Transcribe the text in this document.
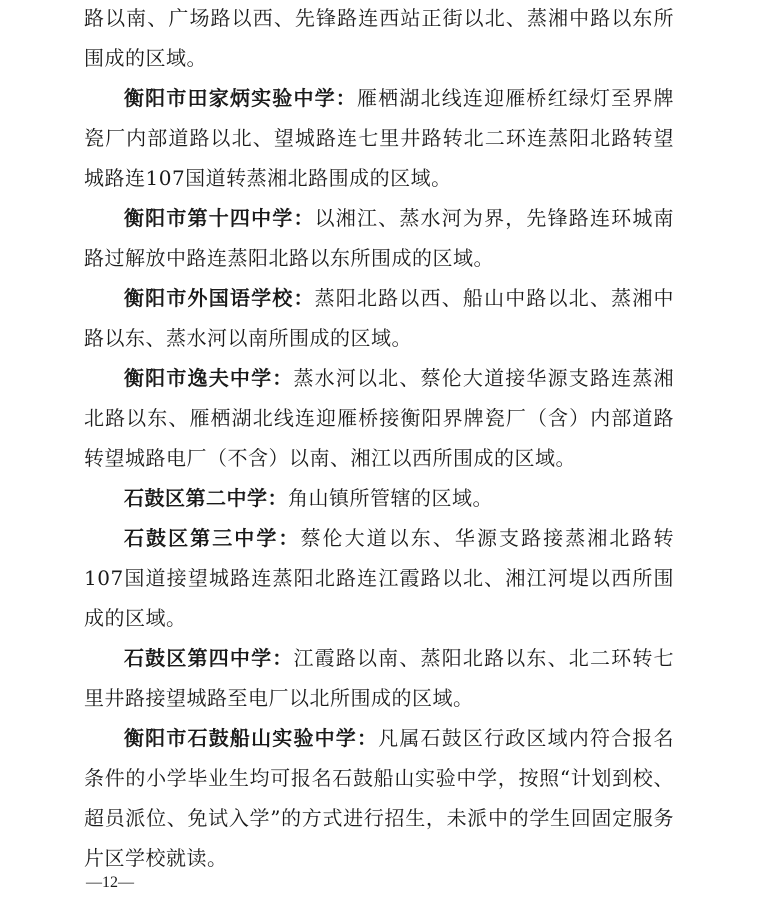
路以南、广场路以西、先锋路连西站正街以北、蒸湘中路以东所围成的区域。

衡阳市田家炳实验中学：雁栖湖北线连迎雁桥红绿灯至界牌瓷厂内部道路以北、望城路连七里井路转北二环连蒸阳北路转望城路连107国道转蒸湘北路围成的区域。

衡阳市第十四中学：以湘江、蒸水河为界，先锋路连环城南路过解放中路连蒸阳北路以东所围成的区域。

衡阳市外国语学校：蒸阳北路以西、船山中路以北、蒸湘中路以东、蒸水河以南所围成的区域。

衡阳市逸夫中学：蒸水河以北、蔡伦大道接华源支路连蒸湘北路以东、雁栖湖北线连迎雁桥接衡阳界牌瓷厂（含）内部道路转望城路电厂（不含）以南、湘江以西所围成的区域。

石鼓区第二中学：角山镇所管辖的区域。

石鼓区第三中学：蔡伦大道以东、华源支路接蒸湘北路转107国道接望城路连蒸阳北路连江霞路以北、湘江河堤以西所围成的区域。

石鼓区第四中学：江霞路以南、蒸阳北路以东、北二环转七里井路接望城路至电厂以北所围成的区域。

衡阳市石鼓船山实验中学：凡属石鼓区行政区域内符合报名条件的小学毕业生均可报名石鼓船山实验中学，按照“计划到校、超员派位、免试入学”的方式进行招生，未派中的学生回固定服务片区学校就读。

—12—
